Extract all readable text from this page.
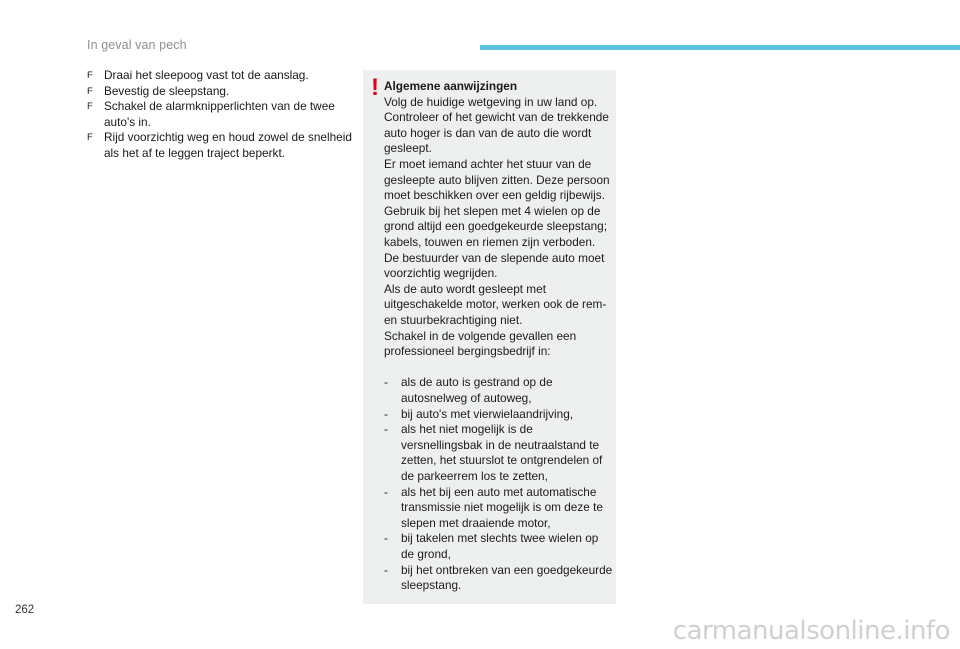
In geval van pech
F Draai het sleepoog vast tot de aanslag.
F Bevestig de sleepstang.
F Schakel de alarmknipperlichten van de twee auto's in.
F Rijd voorzichtig weg en houd zowel de snelheid als het af te leggen traject beperkt.
! Algemene aanwijzingen

Volg de huidige wetgeving in uw land op.

Controleer of het gewicht van de trekkende auto hoger is dan van de auto die wordt gesleept.

Er moet iemand achter het stuur van de gesleepte auto blijven zitten. Deze persoon moet beschikken over een geldig rijbewijs.

Gebruik bij het slepen met 4 wielen op de grond altijd een goedgekeurde sleepstang; kabels, touwen en riemen zijn verboden.

De bestuurder van de slepende auto moet voorzichtig wegrijden.

Als de auto wordt gesleept met uitgeschakelde motor, werken ook de rem- en stuurbekrachtiging niet.

Schakel in de volgende gevallen een professioneel bergingsbedrijf in:

- als de auto is gestrand op de autosnelweg of autoweg,
- bij auto's met vierwielaandrijving,
- als het niet mogelijk is de versnellingsbak in de neutraalstand te zetten, het stuurslot te ontgrendelen of de parkeerrem los te zetten,
- als het bij een auto met automatische transmissie niet mogelijk is om deze te slepen met draaiende motor,
- bij takelen met slechts twee wielen op de grond,
- bij het ontbreken van een goedgekeurde sleepstang.
262
carmanualsonline.info
